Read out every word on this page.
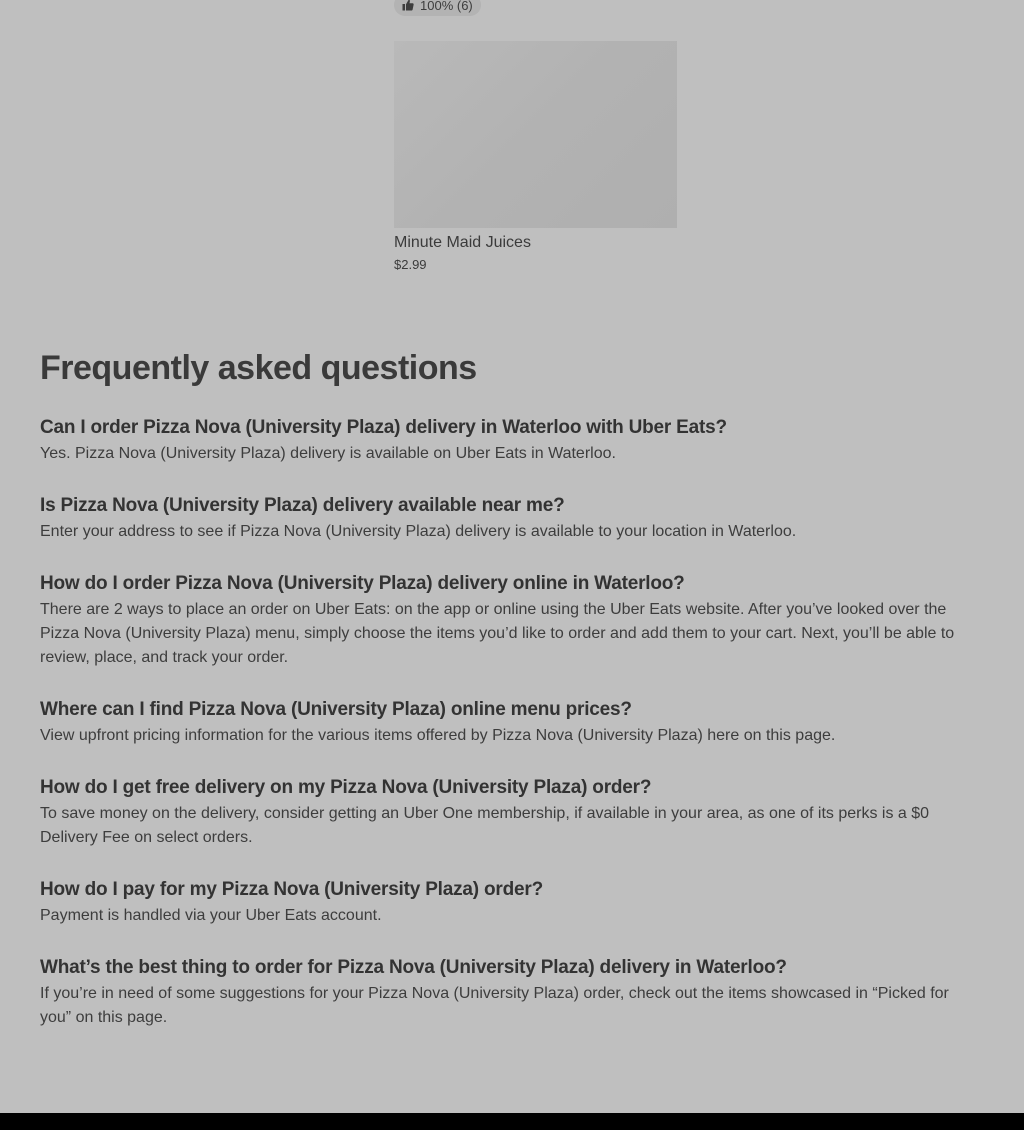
100% (6)
Minute Maid Juices
$2.99
Frequently asked questions
Can I order Pizza Nova (University Plaza) delivery in Waterloo with Uber Eats?

Yes. Pizza Nova (University Plaza) delivery is available on Uber Eats in Waterloo.

Is Pizza Nova (University Plaza) delivery available near me?

Enter your address to see if Pizza Nova (University Plaza) delivery is available to your location in Waterloo.

How do I order Pizza Nova (University Plaza) delivery online in Waterloo?

There are 2 ways to place an order on Uber Eats: on the app or online using the Uber Eats website. After you’ve looked over the Pizza Nova (University Plaza) menu, simply choose the items you’d like to order and add them to your cart. Next, you’ll be able to review, place, and track your order.

Where can I find Pizza Nova (University Plaza) online menu prices?

View upfront pricing information for the various items offered by Pizza Nova (University Plaza) here on this page.

How do I get free delivery on my Pizza Nova (University Plaza) order?

To save money on the delivery, consider getting an Uber One membership, if available in your area, as one of its perks is a $0 Delivery Fee on select orders.

How do I pay for my Pizza Nova (University Plaza) order?

Payment is handled via your Uber Eats account.

What’s the best thing to order for Pizza Nova (University Plaza) delivery in Waterloo?

If you’re in need of some suggestions for your Pizza Nova (University Plaza) order, check out the items showcased in “Picked for you” on this page.
